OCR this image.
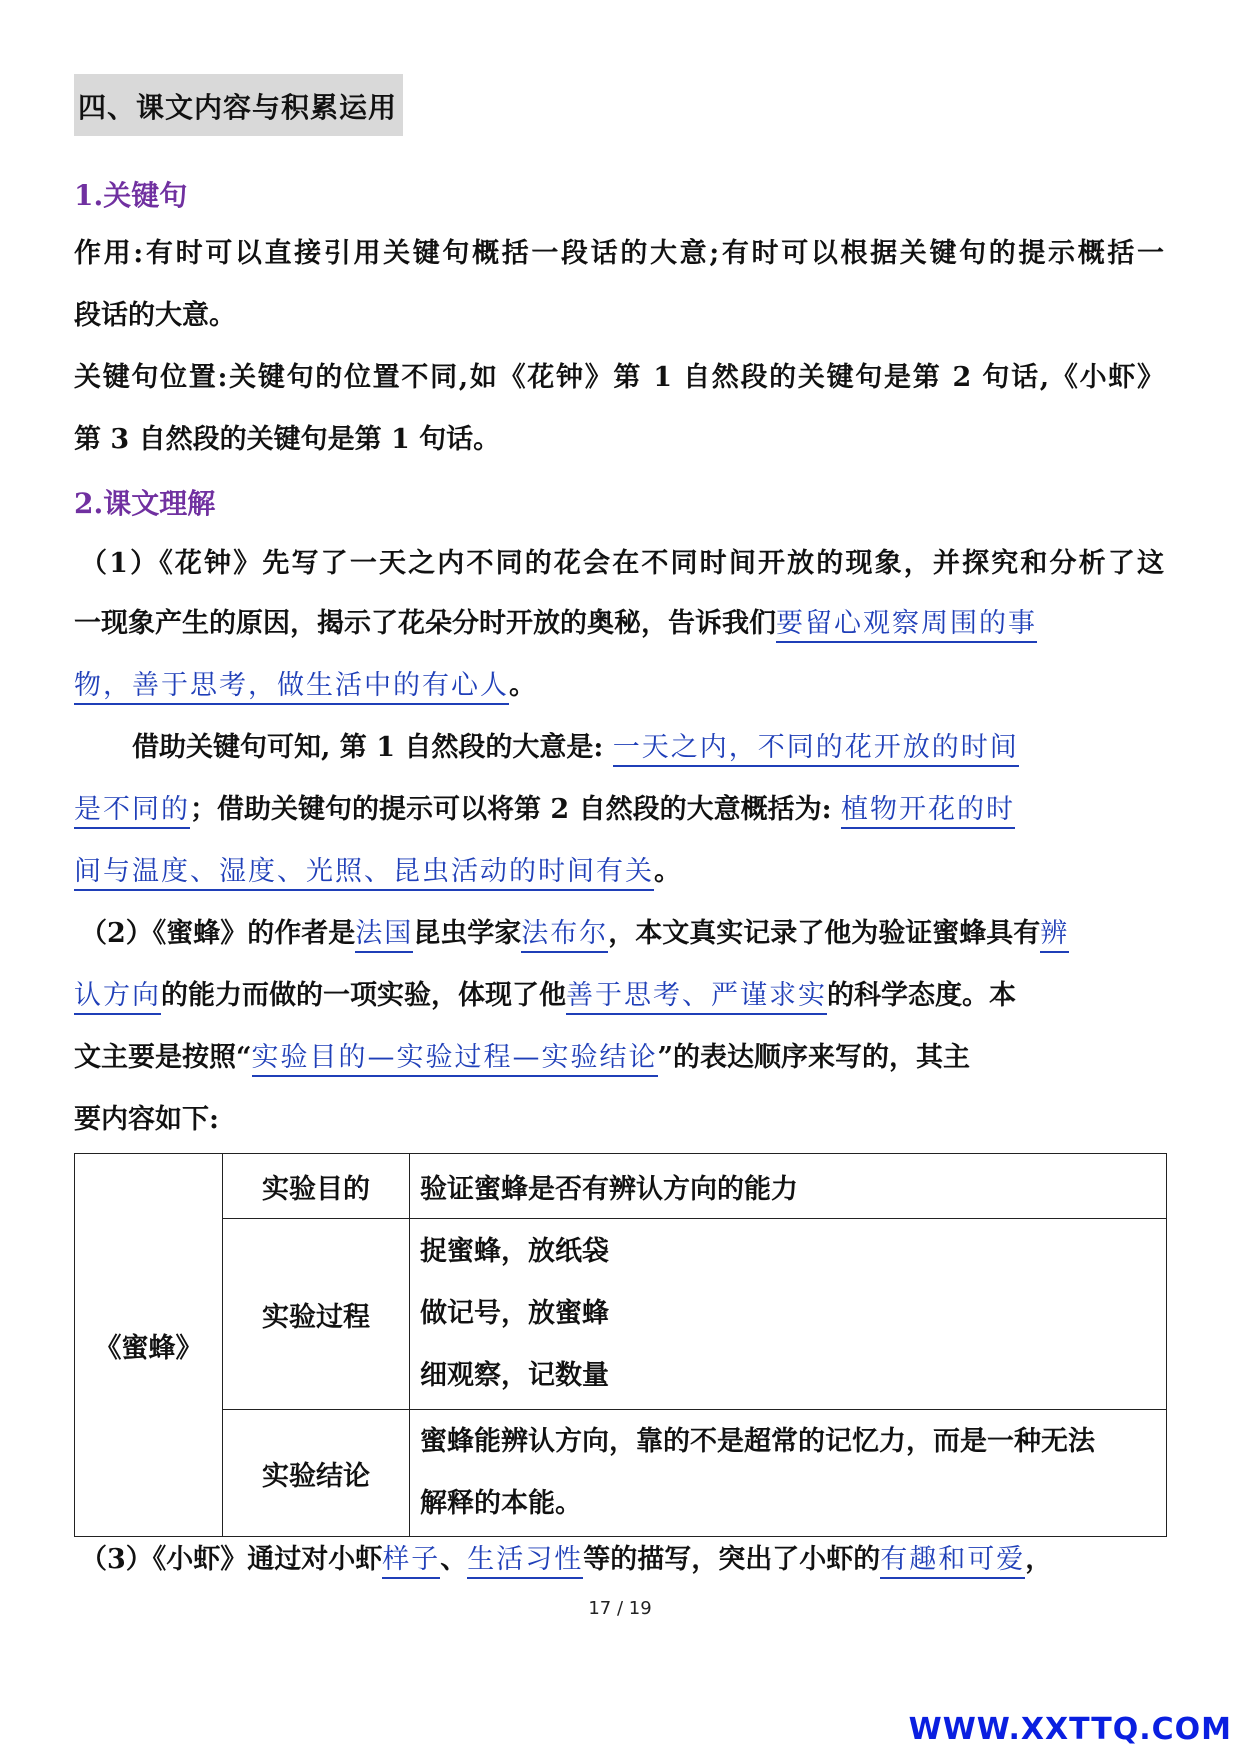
四、课文内容与积累运用
1.关键句
作用:有时可以直接引用关键句概括一段话的大意;有时可以根据关键句的提示概括一
段话的大意。
关键句位置:关键句的位置不同,如《花钟》第 1 自然段的关键句是第 2 句话,《小虾》
第 3 自然段的关键句是第 1 句话。
2.课文理解
（1）《花钟》先写了一天之内不同的花会在不同时间开放的现象，并探究和分析了这
一现象产生的原因，揭示了花朵分时开放的奥秘，告诉我们要留心观察周围的事
物，善于思考，做生活中的有心人。
借助关键句可知, 第 1 自然段的大意是: 一天之内，不同的花开放的时间
是不同的；借助关键句的提示可以将第 2 自然段的大意概括为: 植物开花的时
间与温度、湿度、光照、昆虫活动的时间有关。
（2）《蜜蜂》的作者是法国昆虫学家法布尔，本文真实记录了他为验证蜜蜂具有辨
认方向的能力而做的一项实验，体现了他善于思考、严谨求实的科学态度。本
文主要是按照“实验目的—实验过程—实验结论”的表达顺序来写的，其主
要内容如下:
《蜜蜂》	实验目的	验证蜜蜂是否有辨认方向的能力
	实验过程	捉蜜蜂，放纸袋
做记号，放蜜蜂
细观察，记数量

	实验结论	蜜蜂能辨认方向，靠的不是超常的记忆力，而是一种无法
解释的本能。
（3）《小虾》通过对小虾样子、生活习性等的描写，突出了小虾的有趣和可爱，
17 / 19
WWW.XXTTQ.COM
